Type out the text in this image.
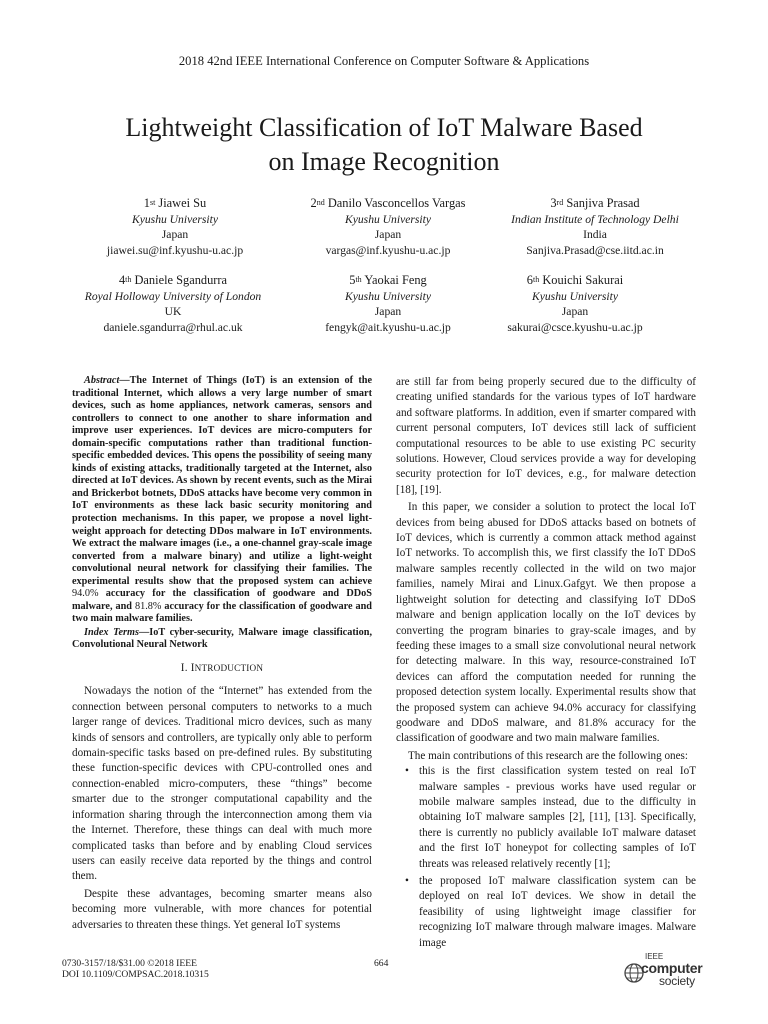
2018 42nd IEEE International Conference on Computer Software & Applications
Lightweight Classification of IoT Malware Based
on Image Recognition
1st Jiawei Su
Kyushu University
Japan
jiawei.su@inf.kyushu-u.ac.jp
2nd Danilo Vasconcellos Vargas
Kyushu University
Japan
vargas@inf.kyushu-u.ac.jp
3rd Sanjiva Prasad
Indian Institute of Technology Delhi
India
Sanjiva.Prasad@cse.iitd.ac.in
4th Daniele Sgandurra
Royal Holloway University of London
UK
daniele.sgandurra@rhul.ac.uk
5th Yaokai Feng
Kyushu University
Japan
fengyk@ait.kyushu-u.ac.jp
6th Kouichi Sakurai
Kyushu University
Japan
sakurai@csce.kyushu-u.ac.jp

Abstract—The Internet of Things (IoT) is an extension of the traditional Internet, which allows a very large number of smart devices, such as home appliances, network cameras, sensors and controllers to connect to one another to share information and improve user experiences. IoT devices are micro-computers for domain-specific computations rather than traditional function-specific embedded devices. This opens the possibility of seeing many kinds of existing attacks, traditionally targeted at the Internet, also directed at IoT devices. As shown by recent events, such as the Mirai and Brickerbot botnets, DDoS attacks have become very common in IoT environments as these lack basic security monitoring and protection mechanisms. In this paper, we propose a novel light-weight approach for detecting DDos malware in IoT environments. We extract the malware images (i.e., a one-channel gray-scale image converted from a malware binary) and utilize a light-weight convolutional neural network for classifying their families. The experimental results show that the proposed system can achieve 94.0% accuracy for the classification of goodware and DDoS malware, and 81.8% accuracy for the classification of goodware and two main malware families.

Index Terms—IoT cyber-security, Malware image classification, Convolutional Neural Network

I. INTRODUCTION

Nowadays the notion of the “Internet” has extended from the connection between personal computers to networks to a much larger range of devices. Traditional micro devices, such as many kinds of sensors and controllers, are typically only able to perform domain-specific tasks based on pre-defined rules. By substituting these function-specific devices with CPU-controlled ones and connection-enabled micro-computers, these “things” become smarter due to the stronger computational capability and the information sharing through the interconnection among them via the Internet. Therefore, these things can deal with much more complicated tasks than before and by enabling Cloud services users can easily receive data reported by the things and control them.

Despite these advantages, becoming smarter means also becoming more vulnerable, with more chances for potential adversaries to threaten these things. Yet general IoT systems

are still far from being properly secured due to the difficulty of creating unified standards for the various types of IoT hardware and software platforms. In addition, even if smarter compared with current personal computers, IoT devices still lack of sufficient computational resources to be able to use existing PC security solutions. However, Cloud services provide a way for developing security protection for IoT devices, e.g., for malware detection [18], [19].

In this paper, we consider a solution to protect the local IoT devices from being abused for DDoS attacks based on botnets of IoT devices, which is currently a common attack method against IoT networks. To accomplish this, we first classify the IoT DDoS malware samples recently collected in the wild on two major families, namely Mirai and Linux.Gafgyt. We then propose a lightweight solution for detecting and classifying IoT DDoS malware and benign application locally on the IoT devices by converting the program binaries to gray-scale images, and by feeding these images to a small size convolutional neural network for detecting malware. In this way, resource-constrained IoT devices can afford the computation needed for running the proposed detection system locally. Experimental results show that the proposed system can achieve 94.0% accuracy for classifying goodware and DDoS malware, and 81.8% accuracy for the classification of goodware and two main malware families.

The main contributions of this research are the following ones:

• this is the first classification system tested on real IoT malware samples - previous works have used regular or mobile malware samples instead, due to the difficulty in obtaining IoT malware samples [2], [11], [13]. Specifically, there is currently no publicly available IoT malware dataset and the first IoT honeypot for collecting samples of IoT threats was released relatively recently [1];
• the proposed IoT malware classification system can be deployed on real IoT devices. We show in detail the feasibility of using lightweight image classifier for recognizing IoT malware through malware images. Malware image
0730-3157/18/$31.00 ©2018 IEEE
DOI 10.1109/COMPSAC.2018.10315
664
IEEE
computer
society
